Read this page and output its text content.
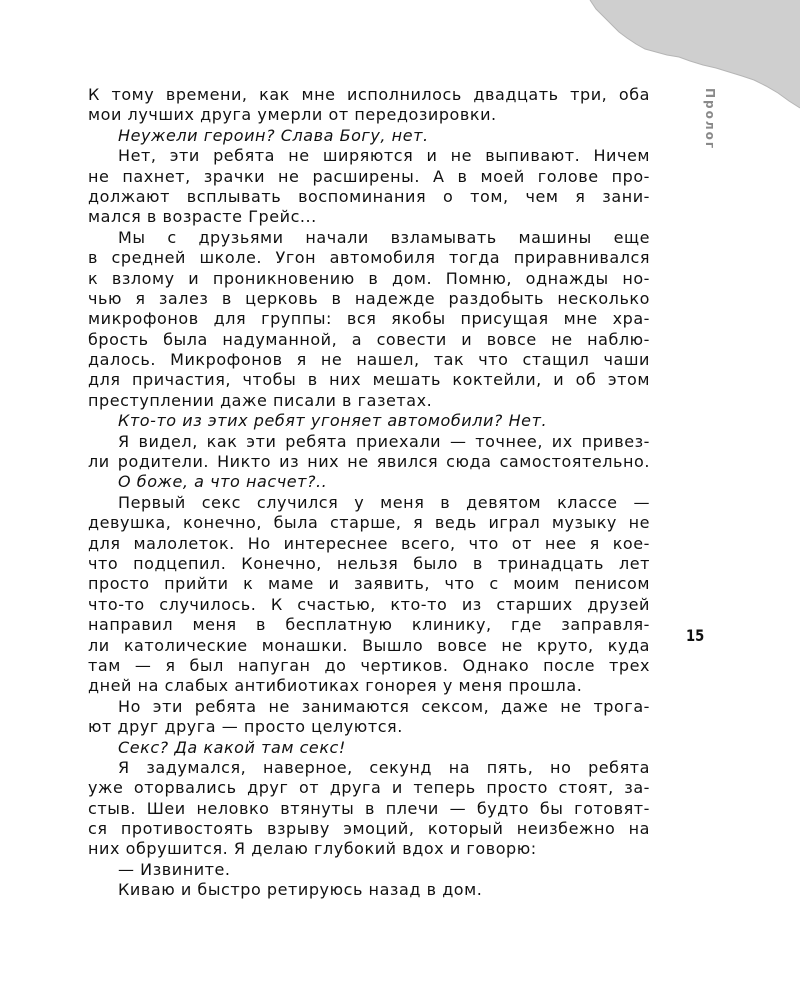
Пролог
К тому времени, как мне исполнилось двадцать три, оба
мои лучших друга умерли от передозировки.
Неужели героин? Слава Богу, нет.
Нет, эти ребята не ширяются и не выпивают. Ничем
не пахнет, зрачки не расширены. А в моей голове про-
должают всплывать воспоминания о том, чем я зани-
мался в возрасте Грейс...
Мы с друзьями начали взламывать машины еще
в средней школе. Угон автомобиля тогда приравнивался
к взлому и проникновению в дом. Помню, однажды но-
чью я залез в церковь в надежде раздобыть несколько
микрофонов для группы: вся якобы присущая мне хра-
брость была надуманной, а совести и вовсе не наблю-
далось. Микрофонов я не нашел, так что стащил чаши
для причастия, чтобы в них мешать коктейли, и об этом
преступлении даже писали в газетах.
Кто-то из этих ребят угоняет автомобили? Нет.
Я видел, как эти ребята приехали — точнее, их привез-
ли родители. Никто из них не явился сюда самостоятельно.
О боже, а что насчет?..
Первый секс случился у меня в девятом классе —
девушка, конечно, была старше, я ведь играл музыку не
для малолеток. Но интереснее всего, что от нее я кое-
что подцепил. Конечно, нельзя было в тринадцать лет
просто прийти к маме и заявить, что с моим пенисом
что-то случилось. К счастью, кто-то из старших друзей
направил меня в бесплатную клинику, где заправля-
ли католические монашки. Вышло вовсе не круто, куда
там — я был напуган до чертиков. Однако после трех
дней на слабых антибиотиках гонорея у меня прошла.
Но эти ребята не занимаются сексом, даже не трога-
ют друг друга — просто целуются.
Секс? Да какой там секс!
Я задумался, наверное, секунд на пять, но ребята
уже оторвались друг от друга и теперь просто стоят, за-
стыв. Шеи неловко втянуты в плечи — будто бы готовят-
ся противостоять взрыву эмоций, который неизбежно на
них обрушится. Я делаю глубокий вдох и говорю:
— Извините.
Киваю и быстро ретируюсь назад в дом.
15
